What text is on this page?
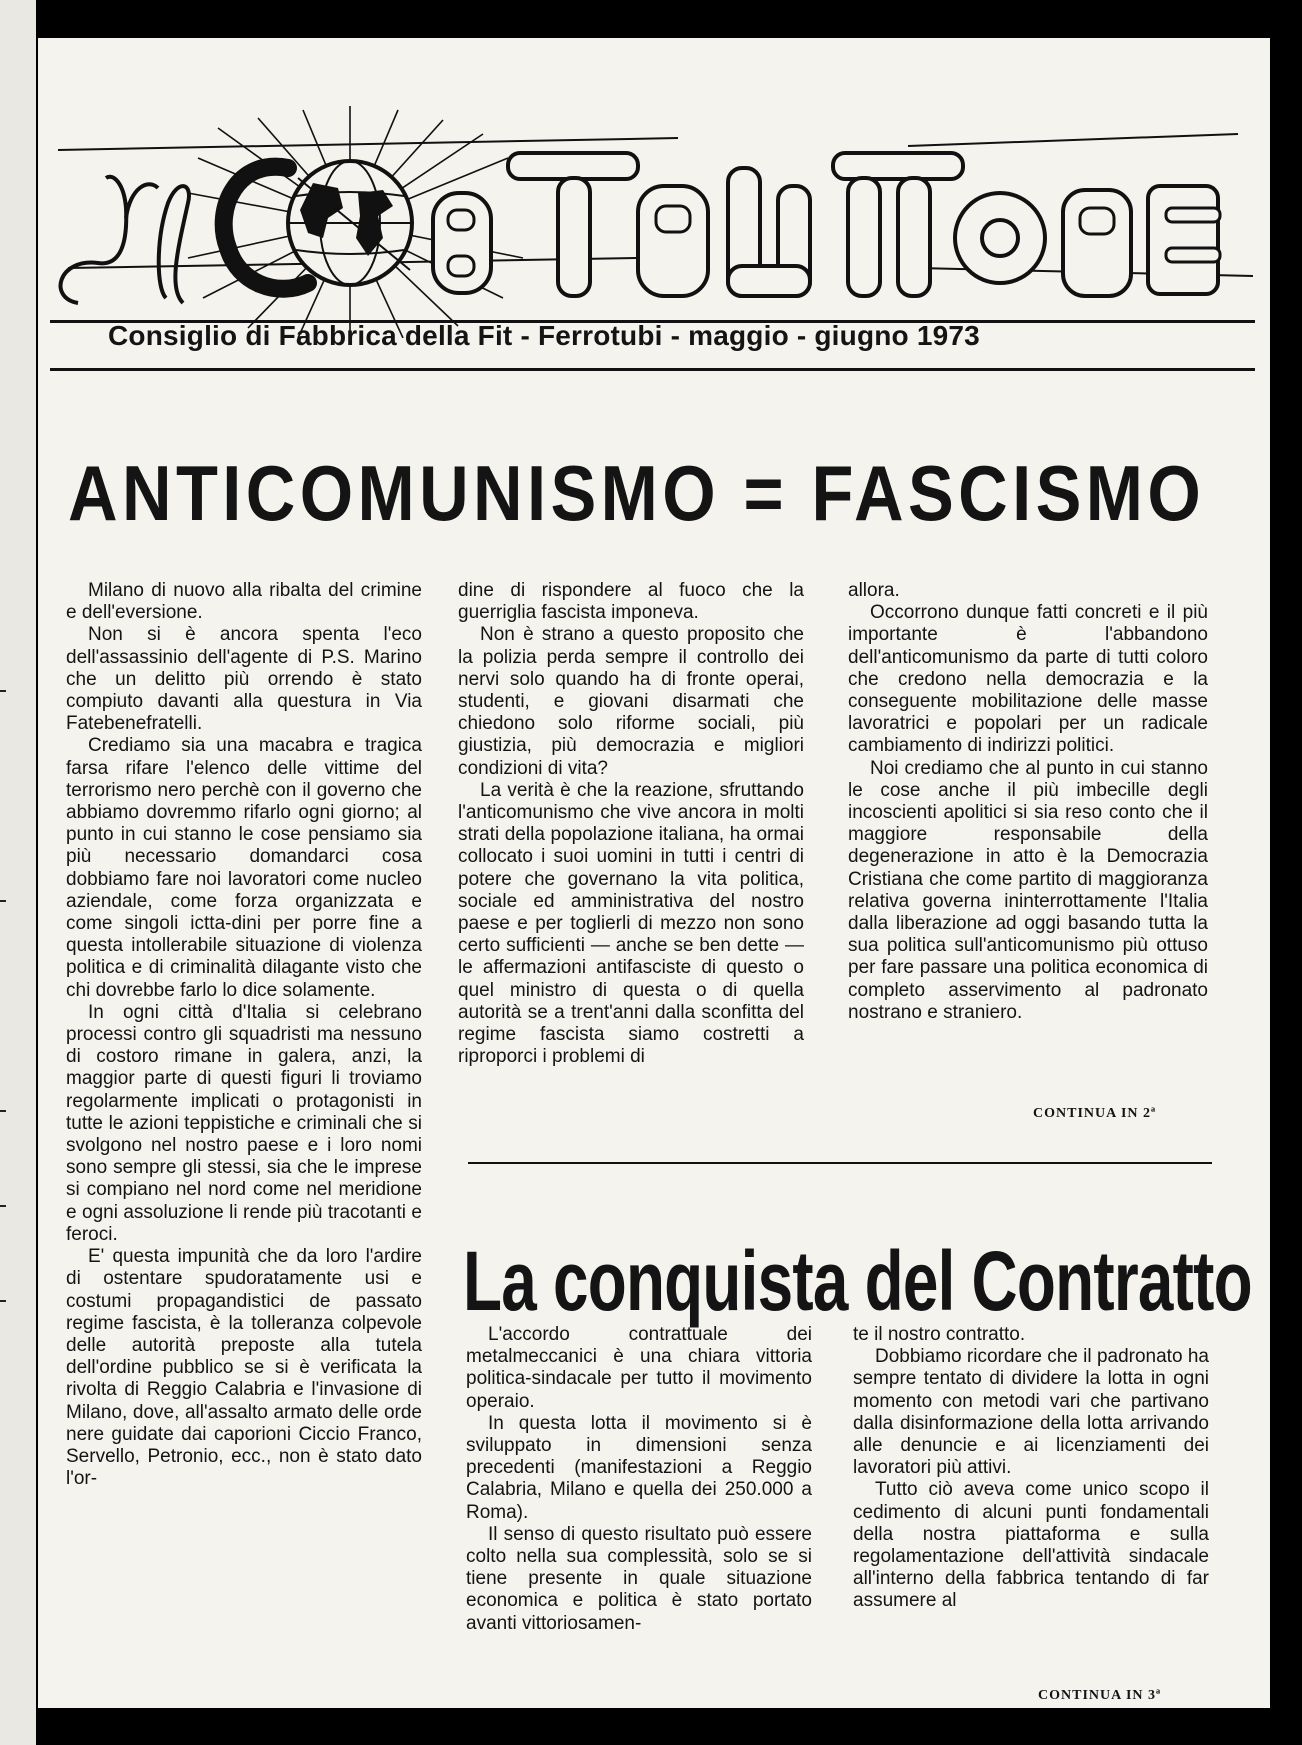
Consiglio di Fabbrica della Fit - Ferrotubi - maggio - giugno 1973
ANTICOMUNISMO = FASCISMO

Milano di nuovo alla ribalta del crimine e dell'eversione.

Non si è ancora spenta l'eco dell'assassinio dell'agente di P.S. Marino che un delitto più orrendo è stato compiuto davanti alla questura in Via Fatebenefratelli.

Crediamo sia una macabra e tragica farsa rifare l'elenco delle vittime del terrorismo nero perchè con il governo che abbiamo dovremmo rifarlo ogni giorno; al punto in cui stanno le cose pensiamo sia più necessario domandarci cosa dobbiamo fare noi lavoratori come nucleo aziendale, come forza organizzata e come singoli ictta-dini per porre fine a questa intollerabile situazione di violenza politica e di criminalità dilagante visto che chi dovrebbe farlo lo dice solamente.

In ogni città d'Italia si celebrano processi contro gli squadristi ma nessuno di costoro rimane in galera, anzi, la maggior parte di questi figuri li troviamo regolarmente implicati o protagonisti in tutte le azioni teppistiche e criminali che si svolgono nel nostro paese e i loro nomi sono sempre gli stessi, sia che le imprese si compiano nel nord come nel meridione e ogni assoluzione li rende più tracotanti e feroci.

E' questa impunità che da loro l'ardire di ostentare spudoratamente usi e costumi propagandistici de passato regime fascista, è la tolleranza colpevole delle autorità preposte alla tutela dell'ordine pubblico se si è verificata la rivolta di Reggio Calabria e l'invasione di Milano, dove, all'assalto armato delle orde nere guidate dai caporioni Ciccio Franco, Servello, Petronio, ecc., non è stato dato l'or-

dine di rispondere al fuoco che la guerriglia fascista imponeva.

Non è strano a questo proposito che la polizia perda sempre il controllo dei nervi solo quando ha di fronte operai, studenti, e giovani disarmati che chiedono solo riforme sociali, più giustizia, più democrazia e migliori condizioni di vita?

La verità è che la reazione, sfruttando l'anticomunismo che vive ancora in molti strati della popolazione italiana, ha ormai collocato i suoi uomini in tutti i centri di potere che governano la vita politica, sociale ed amministrativa del nostro paese e per toglierli di mezzo non sono certo sufficienti — anche se ben dette — le affermazioni antifasciste di questo o quel ministro di questa o di quella autorità se a trent'anni dalla sconfitta del regime fascista siamo costretti a riproporci i problemi di

allora.

Occorrono dunque fatti concreti e il più importante è l'abbandono dell'anticomunismo da parte di tutti coloro che credono nella democrazia e la conseguente mobilitazione delle masse lavoratrici e popolari per un radicale cambiamento di indirizzi politici.

Noi crediamo che al punto in cui stanno le cose anche il più imbecille degli incoscienti apolitici si sia reso conto che il maggiore responsabile della degenerazione in atto è la Democrazia Cristiana che come partito di maggioranza relativa governa ininterrottamente l'Italia dalla liberazione ad oggi basando tutta la sua politica sull'anticomunismo più ottuso per fare passare una politica economica di completo asservimento al padronato nostrano e straniero.

CONTINUA IN 2ª
La conquista del Contratto

L'accordo contrattuale dei metalmeccanici è una chiara vittoria politica-sindacale per tutto il movimento operaio.

In questa lotta il movimento si è sviluppato in dimensioni senza precedenti (manifestazioni a Reggio Calabria, Milano e quella dei 250.000 a Roma).

Il senso di questo risultato può essere colto nella sua complessità, solo se si tiene presente in quale situazione economica e politica è stato portato avanti vittoriosamen-

te il nostro contratto.

Dobbiamo ricordare che il padronato ha sempre tentato di dividere la lotta in ogni momento con metodi vari che partivano dalla disinformazione della lotta arrivando alle denuncie e ai licenziamenti dei lavoratori più attivi.

Tutto ciò aveva come unico scopo il cedimento di alcuni punti fondamentali della nostra piattaforma e sulla regolamentazione dell'attività sindacale all'interno della fabbrica tentando di far assumere al

CONTINUA IN 3ª
